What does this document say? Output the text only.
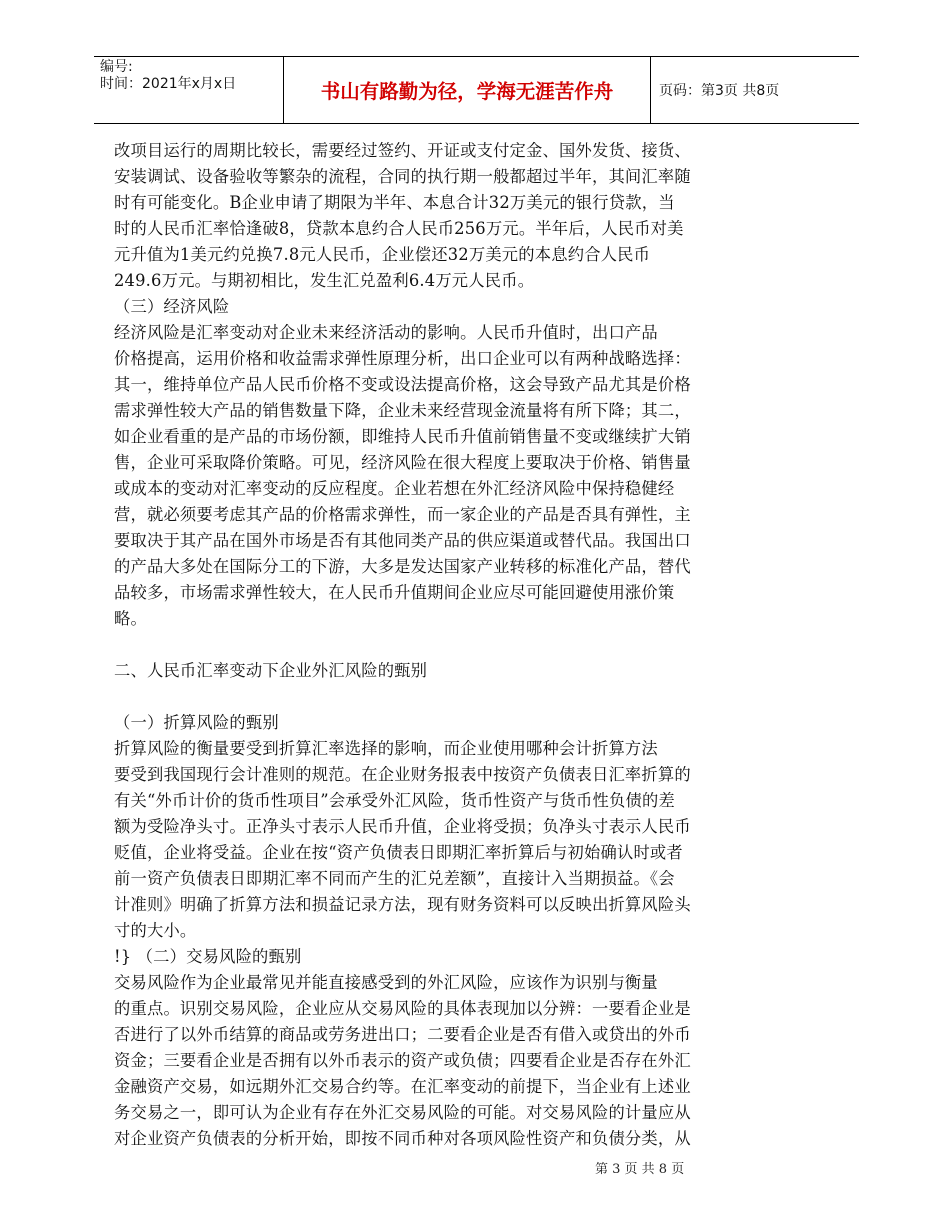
编号:
时间：2021年x月x日	书山有路勤为径，学海无涯苦作舟	页码：第3页 共8页

改项目运行的周期比较长，需要经过签约、开证或支付定金、国外发货、接货、

安装调试、设备验收等繁杂的流程，合同的执行期一般都超过半年，其间汇率随

时有可能变化。B企业申请了期限为半年、本息合计32万美元的银行贷款，当

时的人民币汇率恰逢破8，贷款本息约合人民币256万元。半年后，人民币对美

元升值为1美元约兑换7.8元人民币，企业偿还32万美元的本息约合人民币

249.6万元。与期初相比，发生汇兑盈利6.4万元人民币。

（三）经济风险

经济风险是汇率变动对企业未来经济活动的影响。人民币升值时，出口产品

价格提高，运用价格和收益需求弹性原理分析，出口企业可以有两种战略选择：

其一，维持单位产品人民币价格不变或设法提高价格，这会导致产品尤其是价格

需求弹性较大产品的销售数量下降，企业未来经营现金流量将有所下降；其二，

如企业看重的是产品的市场份额，即维持人民币升值前销售量不变或继续扩大销

售，企业可采取降价策略。可见，经济风险在很大程度上要取决于价格、销售量

或成本的变动对汇率变动的反应程度。企业若想在外汇经济风险中保持稳健经

营，就必须要考虑其产品的价格需求弹性，而一家企业的产品是否具有弹性，主

要取决于其产品在国外市场是否有其他同类产品的供应渠道或替代品。我国出口

的产品大多处在国际分工的下游，大多是发达国家产业转移的标准化产品，替代

品较多，市场需求弹性较大，在人民币升值期间企业应尽可能回避使用涨价策

略。

二、人民币汇率变动下企业外汇风险的甄别

（一）折算风险的甄别

折算风险的衡量要受到折算汇率选择的影响，而企业使用哪种会计折算方法

要受到我国现行会计准则的规范。在企业财务报表中按资产负债表日汇率折算的

有关“外币计价的货币性项目”会承受外汇风险，货币性资产与货币性负债的差

额为受险净头寸。正净头寸表示人民币升值，企业将受损；负净头寸表示人民币

贬值，企业将受益。企业在按“资产负债表日即期汇率折算后与初始确认时或者

前一资产负债表日即期汇率不同而产生的汇兑差额”，直接计入当期损益。《会

计准则》明确了折算方法和损益记录方法，现有财务资料可以反映出折算风险头

寸的大小。

!} （二）交易风险的甄别

交易风险作为企业最常见并能直接感受到的外汇风险，应该作为识别与衡量

的重点。识别交易风险，企业应从交易风险的具体表现加以分辨：一要看企业是

否进行了以外币结算的商品或劳务进出口；二要看企业是否有借入或贷出的外币

资金；三要看企业是否拥有以外币表示的资产或负债；四要看企业是否存在外汇

金融资产交易，如远期外汇交易合约等。在汇率变动的前提下，当企业有上述业

务交易之一，即可认为企业有存在外汇交易风险的可能。对交易风险的计量应从

对企业资产负债表的分析开始，即按不同币种对各项风险性资产和负债分类，从

第 3 页 共 8 页
